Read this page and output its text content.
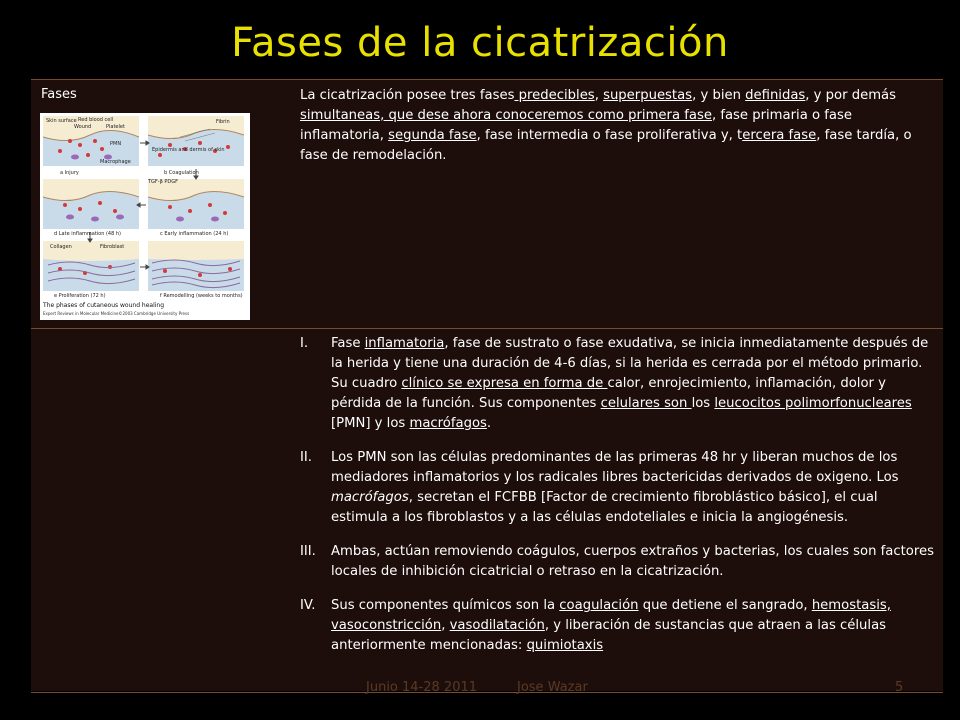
Fases de la cicatrización
Fases	La cicatrización posee tres fases predecibles, superpuestas, y bien definidas, y por demás simultaneas, que dese ahora conoceremos como primera fase, fase primaria o fase inflamatoria, segunda fase, fase intermedia o fase proliferativa y, tercera fase, fase tardía, o fase de remodelación.
Skin surface Red blood cell
Wound	Platelet
PMN
Macrophage
Fibrin
Epidermis and dermis of skin
a Injury	b Coagulation
TGF-β PDGF
d Late inflammation (48 h)	c Early inflammation (24 h)
Collagen	Fibroblast
e Proliferation (72 h)	f Remodelling (weeks to months)
The phases of cutaneous wound healing
Expert Reviews in Molecular Medicine©2003 Cambridge University Press
I.	Fase inflamatoria, fase de sustrato o fase exudativa, se inicia inmediatamente después de la herida y tiene una duración de 4-6 días, si la herida es cerrada por el método primario. Su cuadro clínico se expresa en forma de calor, enrojecimiento, inflamación, dolor y pérdida de la función. Sus componentes celulares son los leucocitos polimorfonucleares [PMN] y los macrófagos.
II.	Los PMN son las células predominantes de las primeras 48 hr y liberan muchos de los mediadores inflamatorios y los radicales libres bactericidas derivados de oxigeno. Los macrófagos, secretan el FCFBB [Factor de crecimiento fibroblástico básico], el cual estimula a los fibroblastos y a las células endoteliales e inicia la angiogénesis.
III.	Ambas, actúan removiendo coágulos, cuerpos extraños y bacterias, los cuales son factores locales de inhibición cicatricial o retraso en la cicatrización.
IV.	Sus componentes químicos son la coagulación que detiene el sangrado, hemostasis, vasoconstricción, vasodilatación, y liberación de sustancias que atraen a las células anteriormente mencionadas: quimiotaxis
Junio 14-28 2011	Jose Wazar	5
